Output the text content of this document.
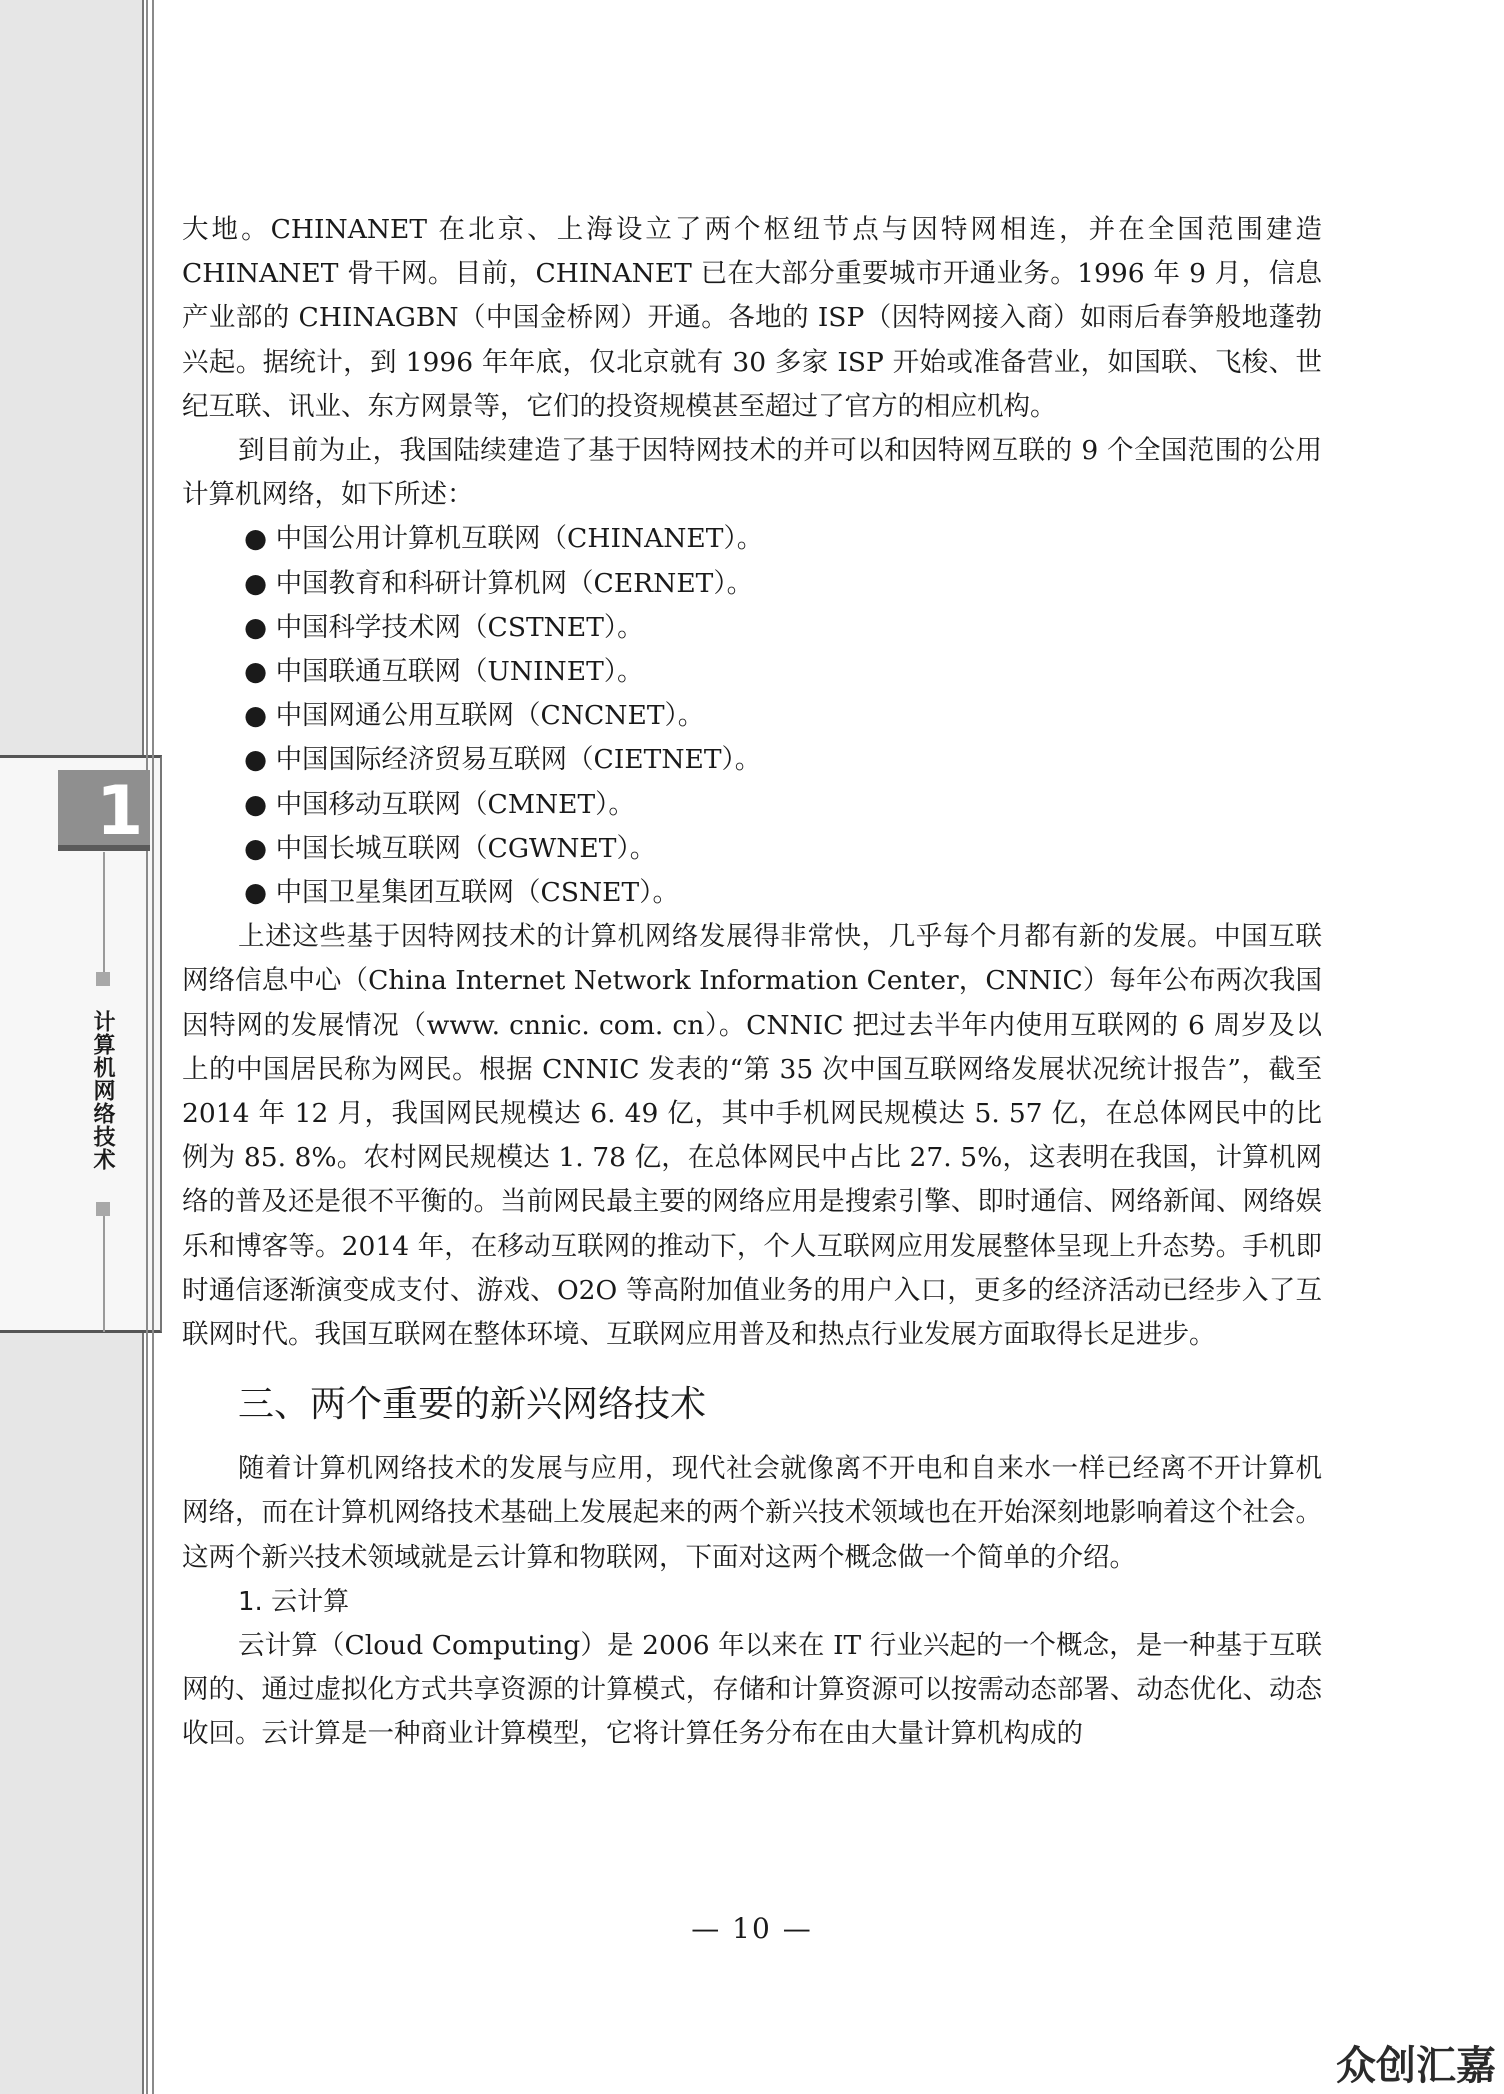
1
计算机网络技术

大地。CHINANET 在北京、上海设立了两个枢纽节点与因特网相连，并在全国范围建造CHINANET 骨干网。目前，CHINANET 已在大部分重要城市开通业务。1996 年 9 月，信息产业部的 CHINAGBN（中国金桥网）开通。各地的 ISP（因特网接入商）如雨后春笋般地蓬勃兴起。据统计，到 1996 年年底，仅北京就有 30 多家 ISP 开始或准备营业，如国联、飞梭、世纪互联、讯业、东方网景等，它们的投资规模甚至超过了官方的相应机构。

到目前为止，我国陆续建造了基于因特网技术的并可以和因特网互联的 9 个全国范围的公用计算机网络，如下所述：

● 中国公用计算机互联网（CHINANET）。

● 中国教育和科研计算机网（CERNET）。

● 中国科学技术网（CSTNET）。

● 中国联通互联网（UNINET）。

● 中国网通公用互联网（CNCNET）。

● 中国国际经济贸易互联网（CIETNET）。

● 中国移动互联网（CMNET）。

● 中国长城互联网（CGWNET）。

● 中国卫星集团互联网（CSNET）。

上述这些基于因特网技术的计算机网络发展得非常快，几乎每个月都有新的发展。中国互联网络信息中心（China Internet Network Information Center，CNNIC）每年公布两次我国因特网的发展情况（www. cnnic. com. cn）。CNNIC 把过去半年内使用互联网的 6 周岁及以上的中国居民称为网民。根据 CNNIC 发表的“第 35 次中国互联网络发展状况统计报告”，截至 2014 年 12 月，我国网民规模达 6. 49 亿，其中手机网民规模达 5. 57 亿，在总体网民中的比例为 85. 8%。农村网民规模达 1. 78 亿，在总体网民中占比 27. 5%，这表明在我国，计算机网络的普及还是很不平衡的。当前网民最主要的网络应用是搜索引擎、即时通信、网络新闻、网络娱乐和博客等。2014 年，在移动互联网的推动下，个人互联网应用发展整体呈现上升态势。手机即时通信逐渐演变成支付、游戏、O2O 等高附加值业务的用户入口，更多的经济活动已经步入了互联网时代。我国互联网在整体环境、互联网应用普及和热点行业发展方面取得长足进步。

三、两个重要的新兴网络技术

随着计算机网络技术的发展与应用，现代社会就像离不开电和自来水一样已经离不开计算机网络，而在计算机网络技术基础上发展起来的两个新兴技术领域也在开始深刻地影响着这个社会。这两个新兴技术领域就是云计算和物联网，下面对这两个概念做一个简单的介绍。

1. 云计算

云计算（Cloud Computing）是 2006 年以来在 IT 行业兴起的一个概念，是一种基于互联网的、通过虚拟化方式共享资源的计算模式，存储和计算资源可以按需动态部署、动态优化、动态收回。云计算是一种商业计算模型，它将计算任务分布在由大量计算机构成的

— 10 —
众创汇嘉
